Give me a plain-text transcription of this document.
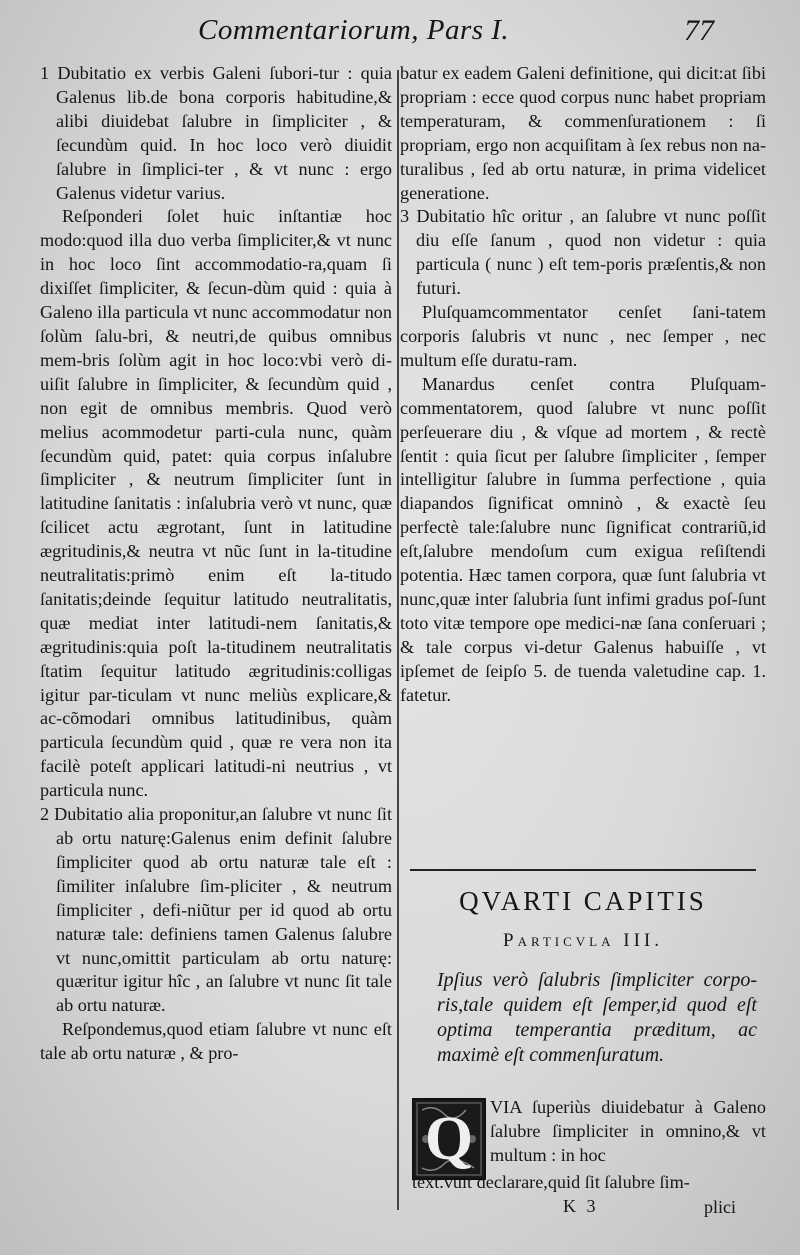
Commentariorum, Pars I.	77

1 Dubitatio ex verbis Galeni ſubori-tur : quia Galenus lib.de bona corporis habitudine,& alibi diuidebat ſalubre in ſimpliciter , & ſecundùm quid. In hoc loco verò diuidit ſalubre in ſimplici-ter , & vt nunc : ergo Galenus videtur varius.

Reſponderi ſolet huic inſtantiæ hoc modo:quod illa duo verba ſimpliciter,& vt nunc in hoc loco ſint accommodatio-ra,quam ſi dixiſſet ſimpliciter, & ſecun-dùm quid : quia à Galeno illa particula vt nunc accommodatur non ſolùm ſalu-bri, & neutri,de quibus omnibus mem-bris ſolùm agit in hoc loco:vbi verò di-uiſit ſalubre in ſimpliciter, & ſecundùm quid , non egit de omnibus membris. Quod verò melius acommodetur parti-cula nunc, quàm ſecundùm quid, patet: quia corpus inſalubre ſimpliciter , & neutrum ſimpliciter ſunt in latitudine ſanitatis : inſalubria verò vt nunc, quæ ſcilicet actu ægrotant, ſunt in latitudine ægritudinis,& neutra vt nũc ſunt in la-titudine neutralitatis:primò enim eſt la-titudo ſanitatis;deinde ſequitur latitudo neutralitatis, quæ mediat inter latitudi-nem ſanitatis,& ægritudinis:quia poſt la-titudinem neutralitatis ſtatim ſequitur latitudo ægritudinis:colligas igitur par-ticulam vt nunc meliùs explicare,& ac-cõmodari omnibus latitudinibus, quàm particula ſecundùm quid , quæ re vera non ita facilè poteſt applicari latitudi-ni neutrius , vt particula nunc.

2 Dubitatio alia proponitur,an ſalubre vt nunc ſit ab ortu naturę:Galenus enim definit ſalubre ſimpliciter quod ab ortu naturæ tale eſt : ſimiliter inſalubre ſim-pliciter , & neutrum ſimpliciter , defi-niũtur per id quod ab ortu naturæ tale: definiens tamen Galenus ſalubre vt nunc,omittit particulam ab ortu naturę: quæritur igitur hîc , an ſalubre vt nunc ſit tale ab ortu naturæ.

Reſpondemus,quod etiam ſalubre vt nunc eſt tale ab ortu naturæ , & pro-

batur ex eadem Galeni definitione, qui dicit:at ſibi propriam : ecce quod corpus nunc habet propriam temperaturam, & commenſurationem : ſi propriam, ergo non acquiſitam à ſex rebus non na-turalibus , ſed ab ortu naturæ, in prima videlicet generatione.

3 Dubitatio hîc oritur , an ſalubre vt nunc poſſit diu eſſe ſanum , quod non videtur : quia particula ( nunc ) eſt tem-poris præſentis,& non futuri.

Pluſquamcommentator cenſet ſani-tatem corporis ſalubris vt nunc , nec ſemper , nec multum eſſe duratu-ram.

Manardus cenſet contra Pluſquam-commentatorem, quod ſalubre vt nunc poſſit perſeuerare diu , & vſque ad mortem , & rectè ſentit : quia ſicut per ſalubre ſimpliciter , ſemper intelligitur ſalubre in ſumma perfectione , quia diapandos ſignificat omninò , & exactè ſeu perfectè tale:ſalubre nunc ſignificat contrariũ,id eſt,ſalubre mendoſum cum exigua reſiſtendi potentia. Hæc tamen corpora, quæ ſunt ſalubria vt nunc,quæ inter ſalubria ſunt infimi gradus poſ-ſunt toto vitæ tempore ope medici-næ ſana conſeruari ; & tale corpus vi-detur Galenus habuiſſe , vt ipſemet de ſeipſo 5. de tuenda valetudine cap. 1. fatetur.

QVARTI CAPITIS
Particvla III.
Ipſius verò ſalubris ſimpliciter corpo-ris,tale quidem eſt ſemper,id quod eſt optima temperantia præditum, ac maximè eſt commenſuratum.
Q VIA ſuperiùs diuidebatur à Galeno ſalubre ſimpliciter in omnino,& vt multum : in hoc
text.vult declarare,quid ſit ſalubre ſim-
K 3	plici
